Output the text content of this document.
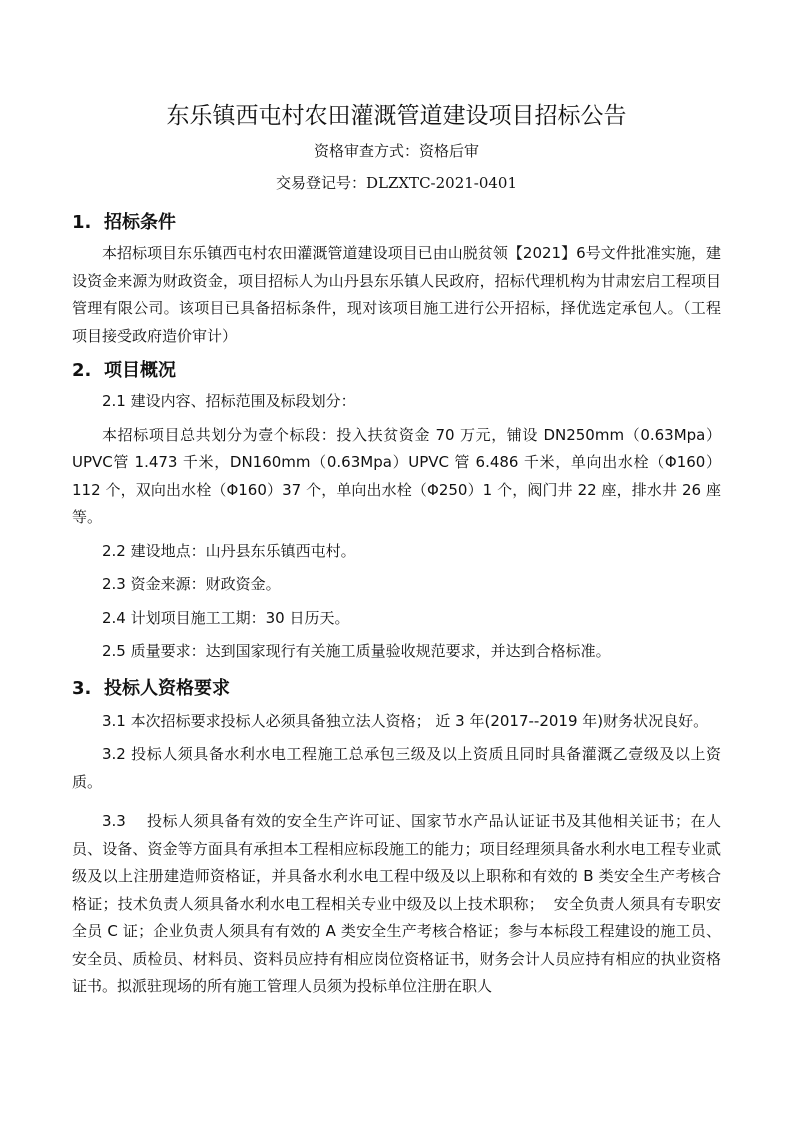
东乐镇西屯村农田灌溉管道建设项目招标公告
资格审查方式：资格后审
交易登记号：DLZXTC-2021-0401
1. 招标条件

本招标项目东乐镇西屯村农田灌溉管道建设项目已由山脱贫领【2021】6号文件批准实施，建设资金来源为财政资金，项目招标人为山丹县东乐镇人民政府，招标代理机构为甘肃宏启工程项目管理有限公司。该项目已具备招标条件，现对该项目施工进行公开招标，择优选定承包人。（工程项目接受政府造价审计）

2. 项目概况

2.1 建设内容、招标范围及标段划分：

本招标项目总共划分为壹个标段：投入扶贫资金 70 万元，铺设 DN250mm（0.63Mpa）UPVC管 1.473 千米，DN160mm（0.63Mpa）UPVC 管 6.486 千米，单向出水栓（Φ160）112 个，双向出水栓（Φ160）37 个，单向出水栓（Φ250）1 个，阀门井 22 座，排水井 26 座等。

2.2 建设地点：山丹县东乐镇西屯村。

2.3 资金来源：财政资金。

2.4 计划项目施工工期：30 日历天。

2.5 质量要求：达到国家现行有关施工质量验收规范要求，并达到合格标准。

3. 投标人资格要求

3.1 本次招标要求投标人必须具备独立法人资格； 近 3 年(2017--2019 年)财务状况良好。

3.2 投标人须具备水利水电工程施工总承包三级及以上资质且同时具备灌溉乙壹级及以上资质。

3.3    投标人须具备有效的安全生产许可证、国家节水产品认证证书及其他相关证书；在人员、设备、资金等方面具有承担本工程相应标段施工的能力；项目经理须具备水利水电工程专业贰级及以上注册建造师资格证，并具备水利水电工程中级及以上职称和有效的 B 类安全生产考核合格证；技术负责人须具备水利水电工程相关专业中级及以上技术职称；  安全负责人须具有专职安全员 C 证；企业负责人须具有有效的 A 类安全生产考核合格证；参与本标段工程建设的施工员、安全员、质检员、材料员、资料员应持有相应岗位资格证书，财务会计人员应持有相应的执业资格证书。拟派驻现场的所有施工管理人员须为投标单位注册在职人
